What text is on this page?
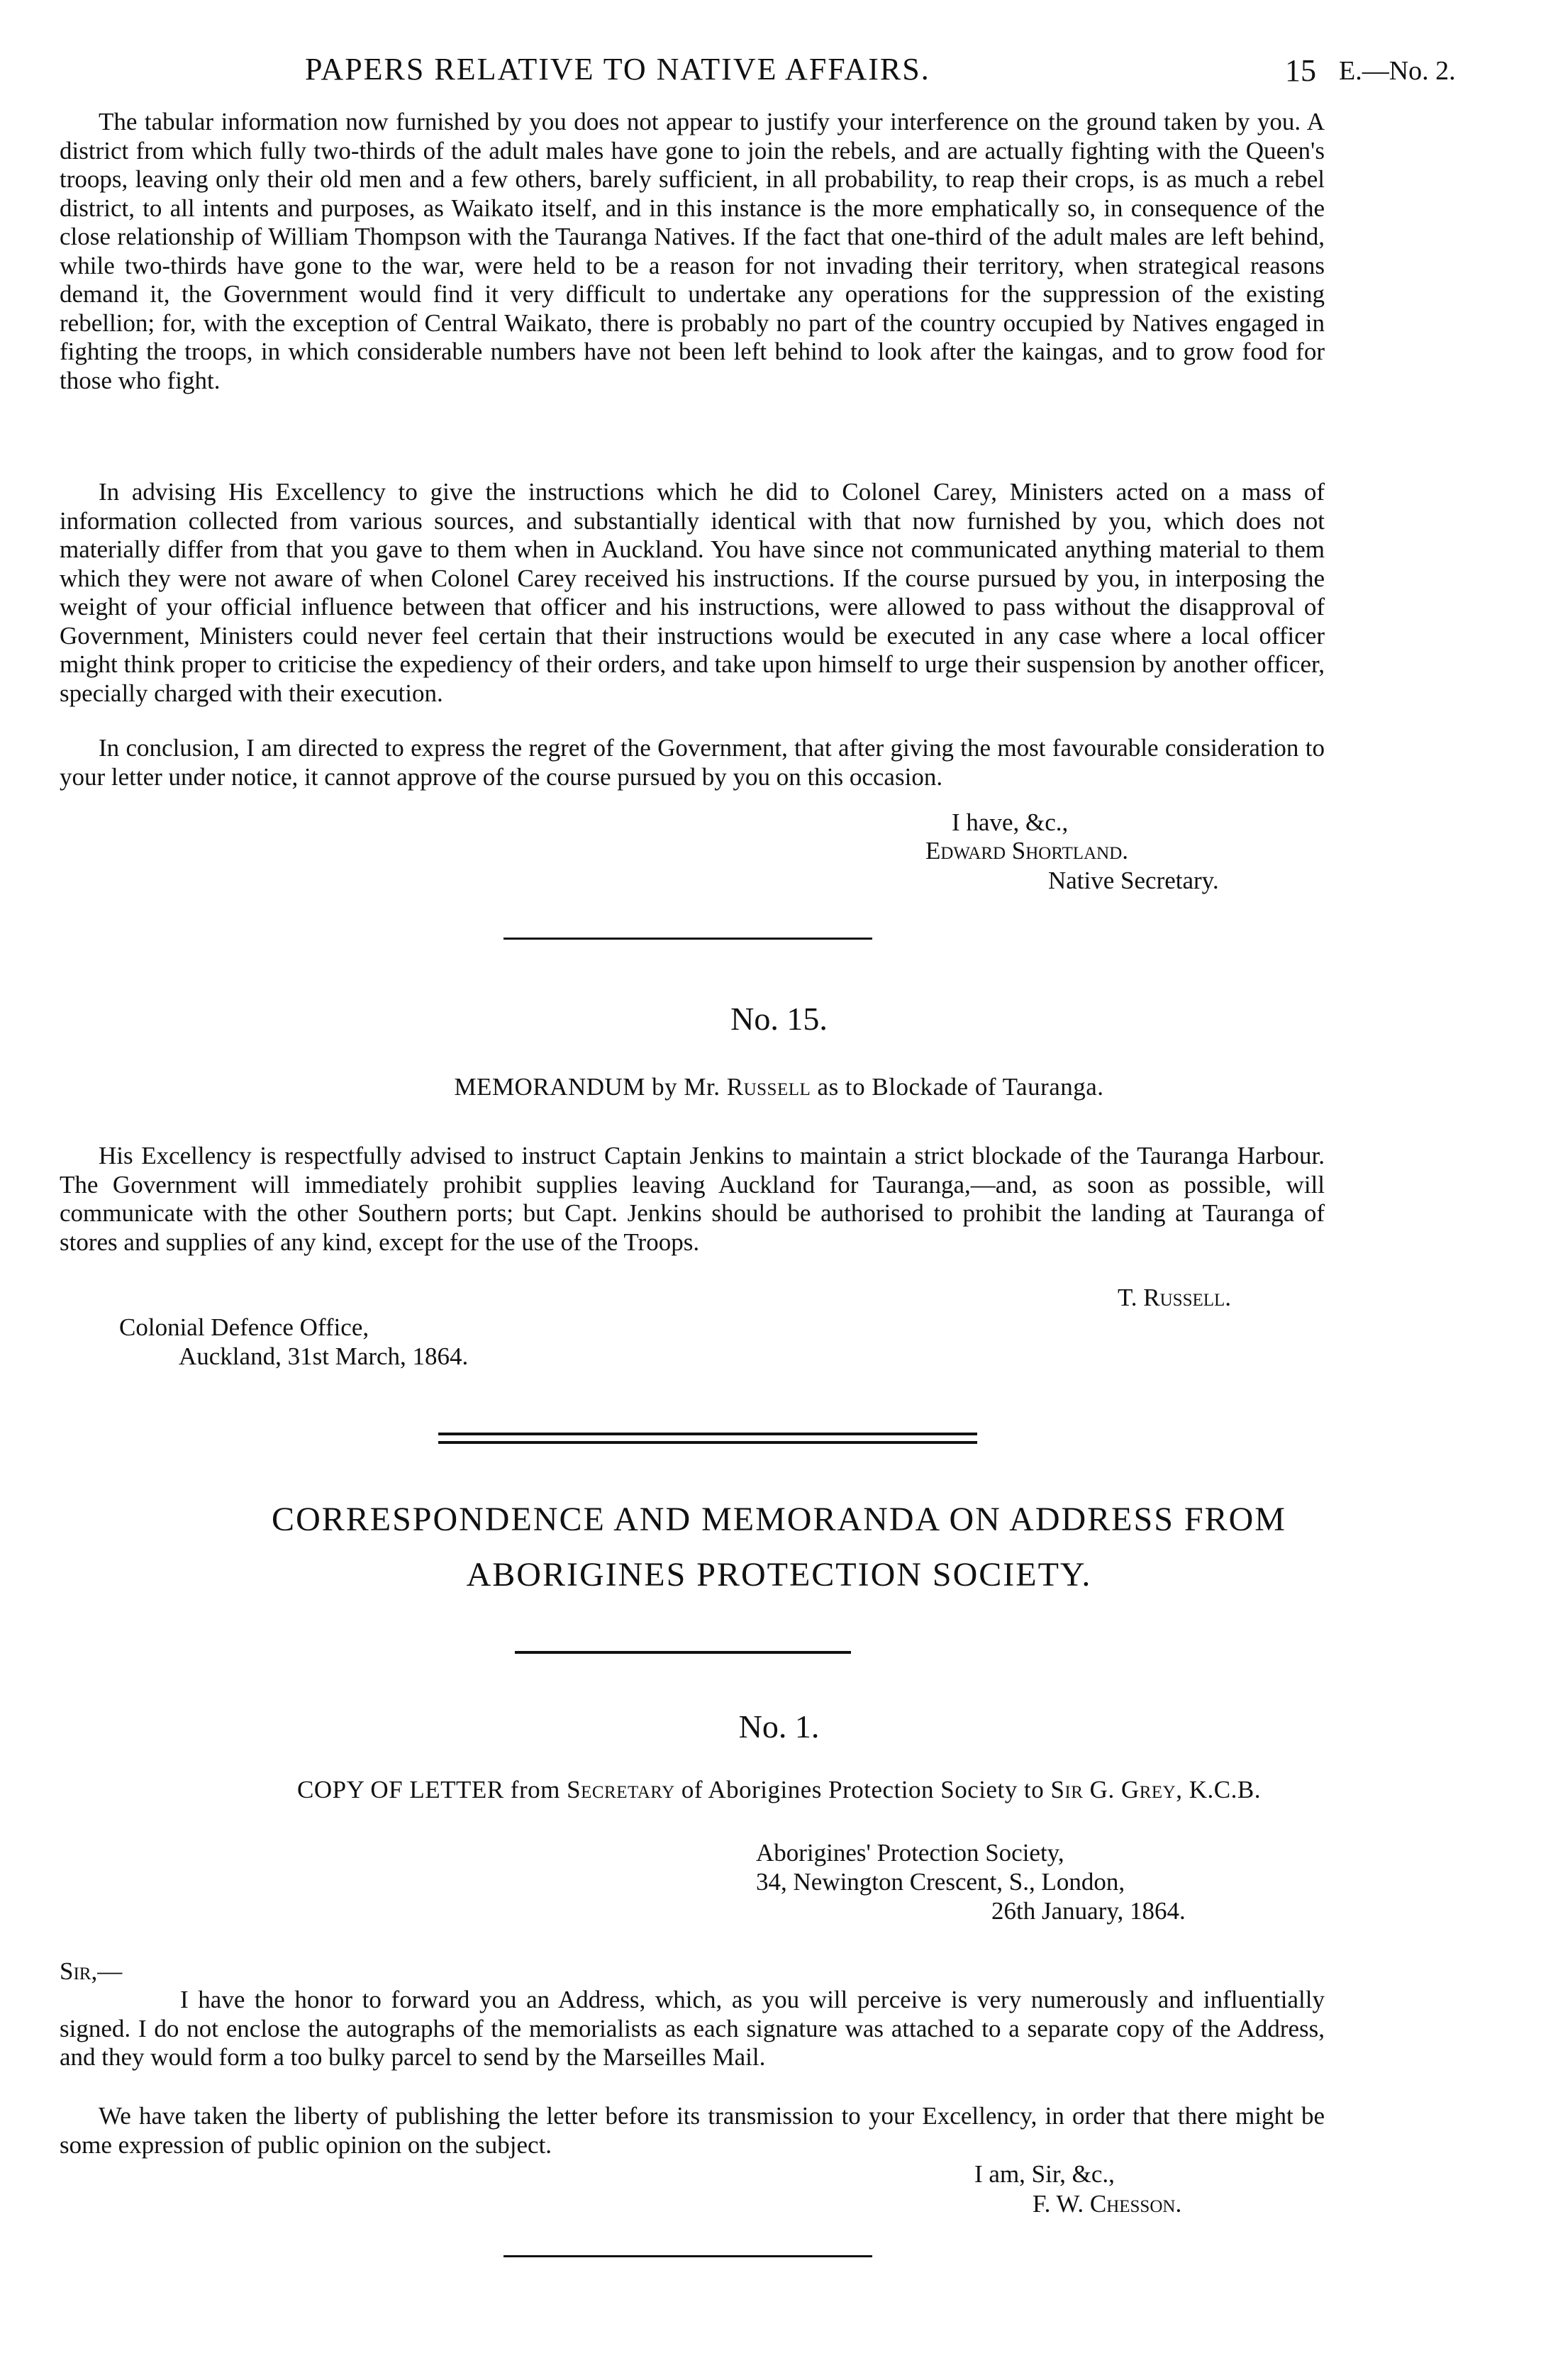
PAPERS RELATIVE TO NATIVE AFFAIRS.	15 E.—No. 2.

The tabular information now furnished by you does not appear to justify your interference on the ground taken by you. A district from which fully two-thirds of the adult males have gone to join the rebels, and are actually fighting with the Queen's troops, leaving only their old men and a few others, barely sufficient, in all probability, to reap their crops, is as much a rebel district, to all intents and purposes, as Waikato itself, and in this instance is the more emphatically so, in consequence of the close relationship of William Thompson with the Tauranga Natives. If the fact that one-third of the adult males are left behind, while two-thirds have gone to the war, were held to be a reason for not invading their territory, when strategical reasons demand it, the Government would find it very difficult to undertake any operations for the suppression of the existing rebellion; for, with the exception of Central Waikato, there is probably no part of the country occupied by Natives engaged in fighting the troops, in which considerable numbers have not been left behind to look after the kaingas, and to grow food for those who fight.

In advising His Excellency to give the instructions which he did to Colonel Carey, Ministers acted on a mass of information collected from various sources, and substantially identical with that now furnished by you, which does not materially differ from that you gave to them when in Auckland. You have since not communicated anything material to them which they were not aware of when Colonel Carey received his instructions. If the course pursued by you, in interposing the weight of your official influence between that officer and his instructions, were allowed to pass without the disapproval of Government, Ministers could never feel certain that their instructions would be executed in any case where a local officer might think proper to criticise the expediency of their orders, and take upon himself to urge their suspension by another officer, specially charged with their execution.

In conclusion, I am directed to express the regret of the Government, that after giving the most favourable consideration to your letter under notice, it cannot approve of the course pursued by you on this occasion.

I have, &c.,
Edward Shortland.
Native Secretary.
No. 15.
MEMORANDUM by Mr. Russell as to Blockade of Tauranga.

His Excellency is respectfully advised to instruct Captain Jenkins to maintain a strict blockade of the Tauranga Harbour. The Government will immediately prohibit supplies leaving Auckland for Tauranga,—and, as soon as possible, will communicate with the other Southern ports; but Capt. Jenkins should be authorised to prohibit the landing at Tauranga of stores and supplies of any kind, except for the use of the Troops.

T. Russell.
Colonial Defence Office,
Auckland, 31st March, 1864.
CORRESPONDENCE AND MEMORANDA ON ADDRESS FROM
ABORIGINES PROTECTION SOCIETY.
No. 1.
COPY OF LETTER from Secretary of Aborigines Protection Society to Sir G. Grey, K.C.B.
Aborigines' Protection Society,
34, Newington Crescent, S., London,
26th January, 1864.
Sir,—

I have the honor to forward you an Address, which, as you will perceive is very numerously and influentially signed. I do not enclose the autographs of the memorialists as each signature was attached to a separate copy of the Address, and they would form a too bulky parcel to send by the Marseilles Mail.

We have taken the liberty of publishing the letter before its transmission to your Excellency, in order that there might be some expression of public opinion on the subject.

I am, Sir, &c.,
F. W. Chesson.
